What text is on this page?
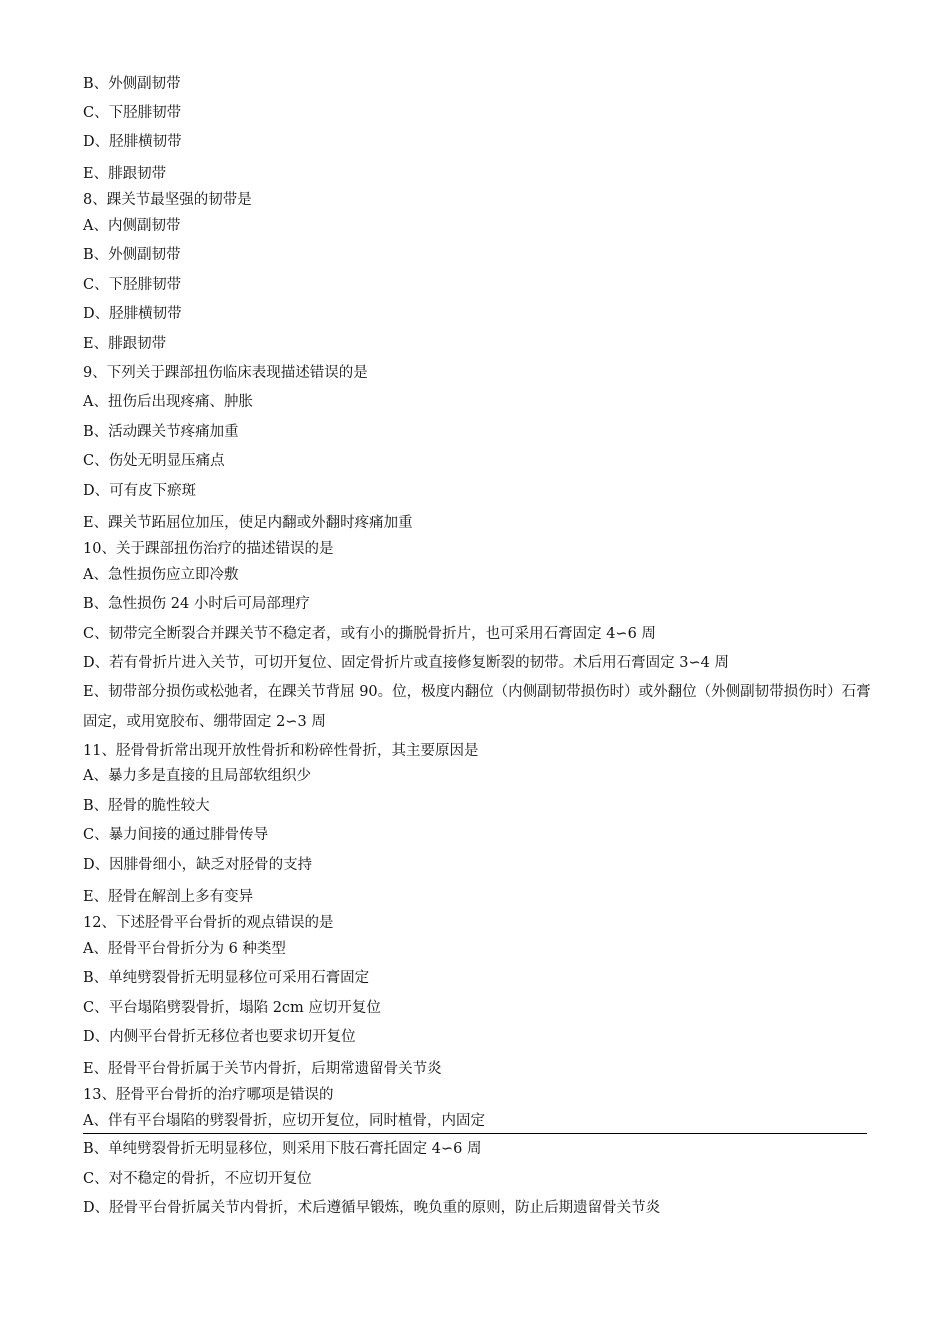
B、外侧副韧带
C、下胫腓韧带
D、胫腓横韧带
E、腓跟韧带
8、踝关节最坚强的韧带是
A、内侧副韧带
B、外侧副韧带
C、下胫腓韧带
D、胫腓横韧带
E、腓跟韧带
9、下列关于踝部扭伤临床表现描述错误的是
A、扭伤后出现疼痛、肿胀
B、活动踝关节疼痛加重
C、伤处无明显压痛点
D、可有皮下瘀斑
E、踝关节跖屈位加压，使足内翻或外翻时疼痛加重
10、关于踝部扭伤治疗的描述错误的是
A、急性损伤应立即冷敷
B、急性损伤 24 小时后可局部理疗
C、韧带完全断裂合并踝关节不稳定者，或有小的撕脱骨折片，也可采用石膏固定 4∽6 周
D、若有骨折片进入关节，可切开复位、固定骨折片或直接修复断裂的韧带。术后用石膏固定 3∽4 周
E、韧带部分损伤或松弛者，在踝关节背屈 90。位，极度内翻位（内侧副韧带损伤时）或外翻位（外侧副韧带损伤时）石膏固定，或用宽胶布、绷带固定 2∽3 周
11、胫骨骨折常出现开放性骨折和粉碎性骨折，其主要原因是
A、暴力多是直接的且局部软组织少
B、胫骨的脆性较大
C、暴力间接的通过腓骨传导
D、因腓骨细小，缺乏对胫骨的支持
E、胫骨在解剖上多有变异
12、下述胫骨平台骨折的观点错误的是
A、胫骨平台骨折分为 6 种类型
B、单纯劈裂骨折无明显移位可采用石膏固定
C、平台塌陷劈裂骨折，塌陷 2cm 应切开复位
D、内侧平台骨折无移位者也要求切开复位
E、胫骨平台骨折属于关节内骨折，后期常遗留骨关节炎
13、胫骨平台骨折的治疗哪项是错误的
A、伴有平台塌陷的劈裂骨折，应切开复位，同时植骨，内固定
B、单纯劈裂骨折无明显移位，则采用下肢石膏托固定 4∽6 周
C、对不稳定的骨折，不应切开复位
D、胫骨平台骨折属关节内骨折，术后遵循早锻炼，晚负重的原则，防止后期遗留骨关节炎
